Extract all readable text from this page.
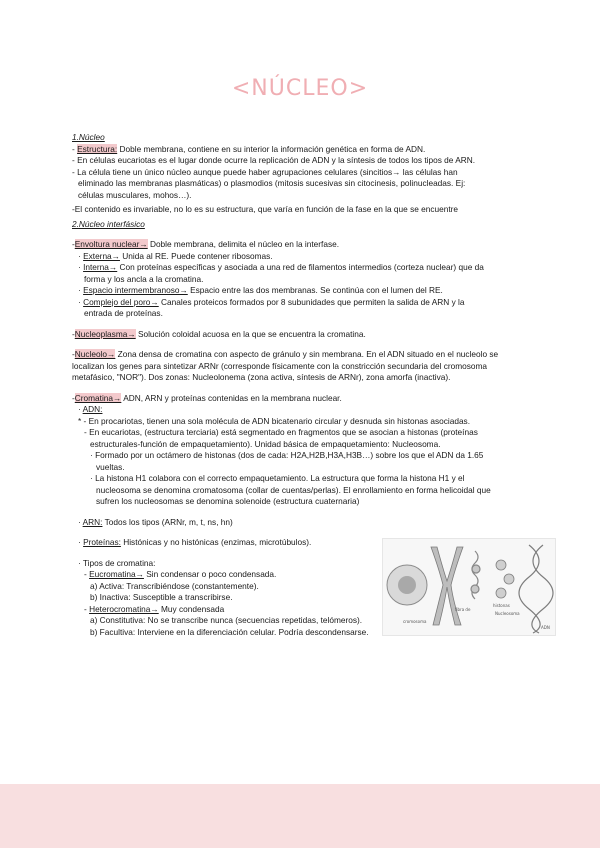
<NÚCLEO>
1.Núcleo
- Estructura: Doble membrana, contiene en su interior la información genética en forma de ADN.
- En células eucariotas es el lugar donde ocurre la replicación de ADN y la síntesis de todos los tipos de ARN.
- La célula tiene un único núcleo aunque puede haber agrupaciones celulares (sincitios→ las células han
eliminado las membranas plasmáticas) o plasmodios (mitosis sucesivas sin citocinesis, polinucleadas. Ej:
células musculares, mohos…).
-El contenido es invariable, no lo es su estructura, que varía en función de la fase en la que se encuentre
2.Núcleo interfásico
-Envoltura nuclear→ Doble membrana, delimita el núcleo en la interfase.
· Externa→ Unida al RE. Puede contener ribosomas.
· Interna→ Con proteínas específicas y asociada a una red de filamentos intermedios (corteza nuclear) que da
forma y los ancla a la cromatina.
· Espacio intermembranoso→ Espacio entre las dos membranas. Se continúa con el lumen del RE.
· Complejo del poro→ Canales proteicos formados por 8 subunidades que permiten la salida de ARN y la
entrada de proteínas.
-Nucleoplasma→ Solución coloidal acuosa en la que se encuentra la cromatina.
-Nucleolo→ Zona densa de cromatina con aspecto de gránulo y sin membrana. En el ADN situado en el nucleolo se
localizan los genes para sintetizar ARNr (corresponde físicamente con la constricción secundaria del cromosoma
metafásico, "NOR"). Dos zonas: Nucleolonema (zona activa, síntesis de ARNr), zona amorfa (inactiva).
-Cromatina→ ADN, ARN y proteínas contenidas en la membrana nuclear.
· ADN:
* - En procariotas, tienen una sola molécula de ADN bicatenario circular y desnuda sin histonas asociadas.
- En eucariotas, (estructura terciaria) está segmentado en fragmentos que se asocian a histonas (proteínas
estructurales-función de empaquetamiento). Unidad básica de empaquetamiento: Nucleosoma.
· Formado por un octámero de histonas (dos de cada: H2A,H2B,H3A,H3B…) sobre los que el ADN da 1.65
vueltas.
· La histona H1 colabora con el correcto empaquetamiento. La estructura que forma la histona H1 y el
nucleosoma se denomina cromatosoma (collar de cuentas/perlas). El enrollamiento en forma helicoidal que
sufren los nucleosomas se denomina solenoide (estructura cuaternaria)
· ARN: Todos los tipos (ARNr, m, t, ns, hn)
· Proteínas: Histónicas y no histónicas (enzimas, microtúbulos).
· Tipos de cromatina:
- Eucromatina→ Sin condensar o poco condensada.
a) Activa: Transcribiéndose (constantemente).
b) Inactiva: Susceptible a transcribirse.
- Heterocromatina→ Muy condensada
a) Constitutiva: No se transcribe nunca (secuencias repetidas, telómeros).
b) Facultiva: Interviene en la diferenciación celular. Podría descondensarse.
cromosoma
fibra de
histonas
Nucleosoma
ADN
